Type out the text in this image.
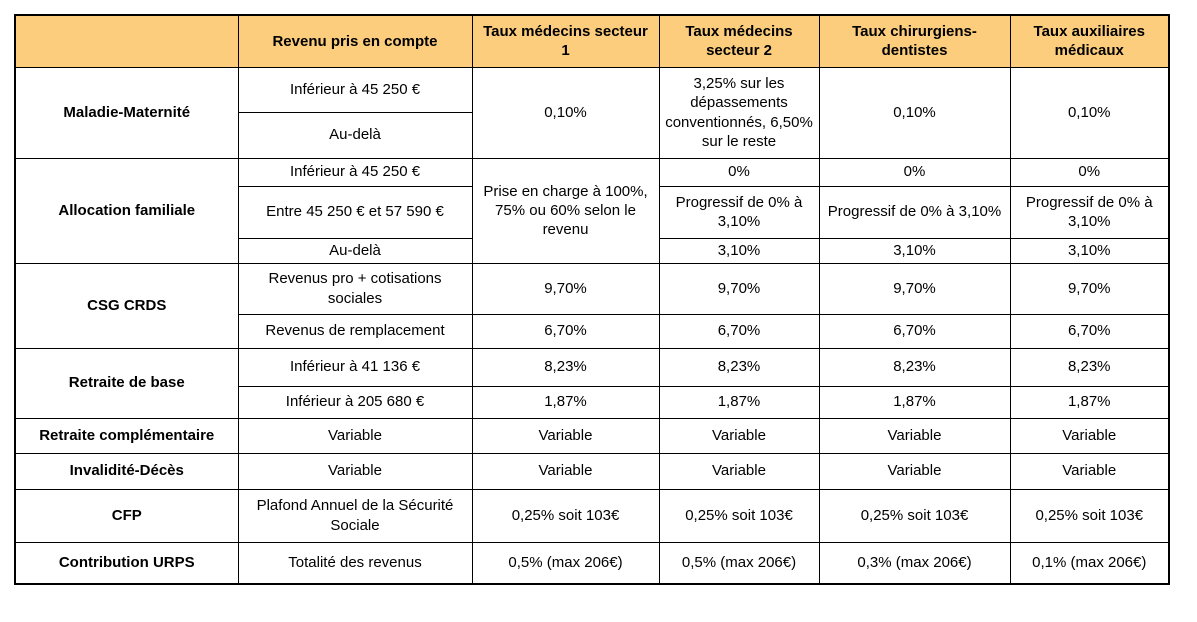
	Revenu pris en compte	Taux médecins secteur 1	Taux médecins secteur 2	Taux chirurgiens-dentistes	Taux auxiliaires médicaux
Maladie-Maternité	Inférieur à 45 250 €	0,10%	3,25% sur les dépassements conventionnés, 6,50% sur le reste	0,10%	0,10%
	Au-delà				
Allocation familiale	Inférieur à 45 250 €	Prise en charge à 100%, 75% ou 60% selon le revenu	0%	0%	0%
	Entre 45 250 € et 57 590 €		Progressif de 0% à 3,10%	Progressif de 0% à 3,10%	Progressif de 0% à 3,10%
	Au-delà		3,10%	3,10%	3,10%
CSG CRDS	Revenus pro + cotisations sociales	9,70%	9,70%	9,70%	9,70%
	Revenus de remplacement	6,70%	6,70%	6,70%	6,70%
Retraite de base	Inférieur à 41 136 €	8,23%	8,23%	8,23%	8,23%
	Inférieur à 205 680 €	1,87%	1,87%	1,87%	1,87%
Retraite complémentaire	Variable	Variable	Variable	Variable	Variable
Invalidité-Décès	Variable	Variable	Variable	Variable	Variable
CFP	Plafond Annuel de la Sécurité Sociale	0,25% soit 103€	0,25% soit 103€	0,25% soit 103€	0,25% soit 103€
Contribution URPS	Totalité des revenus	0,5% (max 206€)	0,5% (max 206€)	0,3% (max 206€)	0,1% (max 206€)
